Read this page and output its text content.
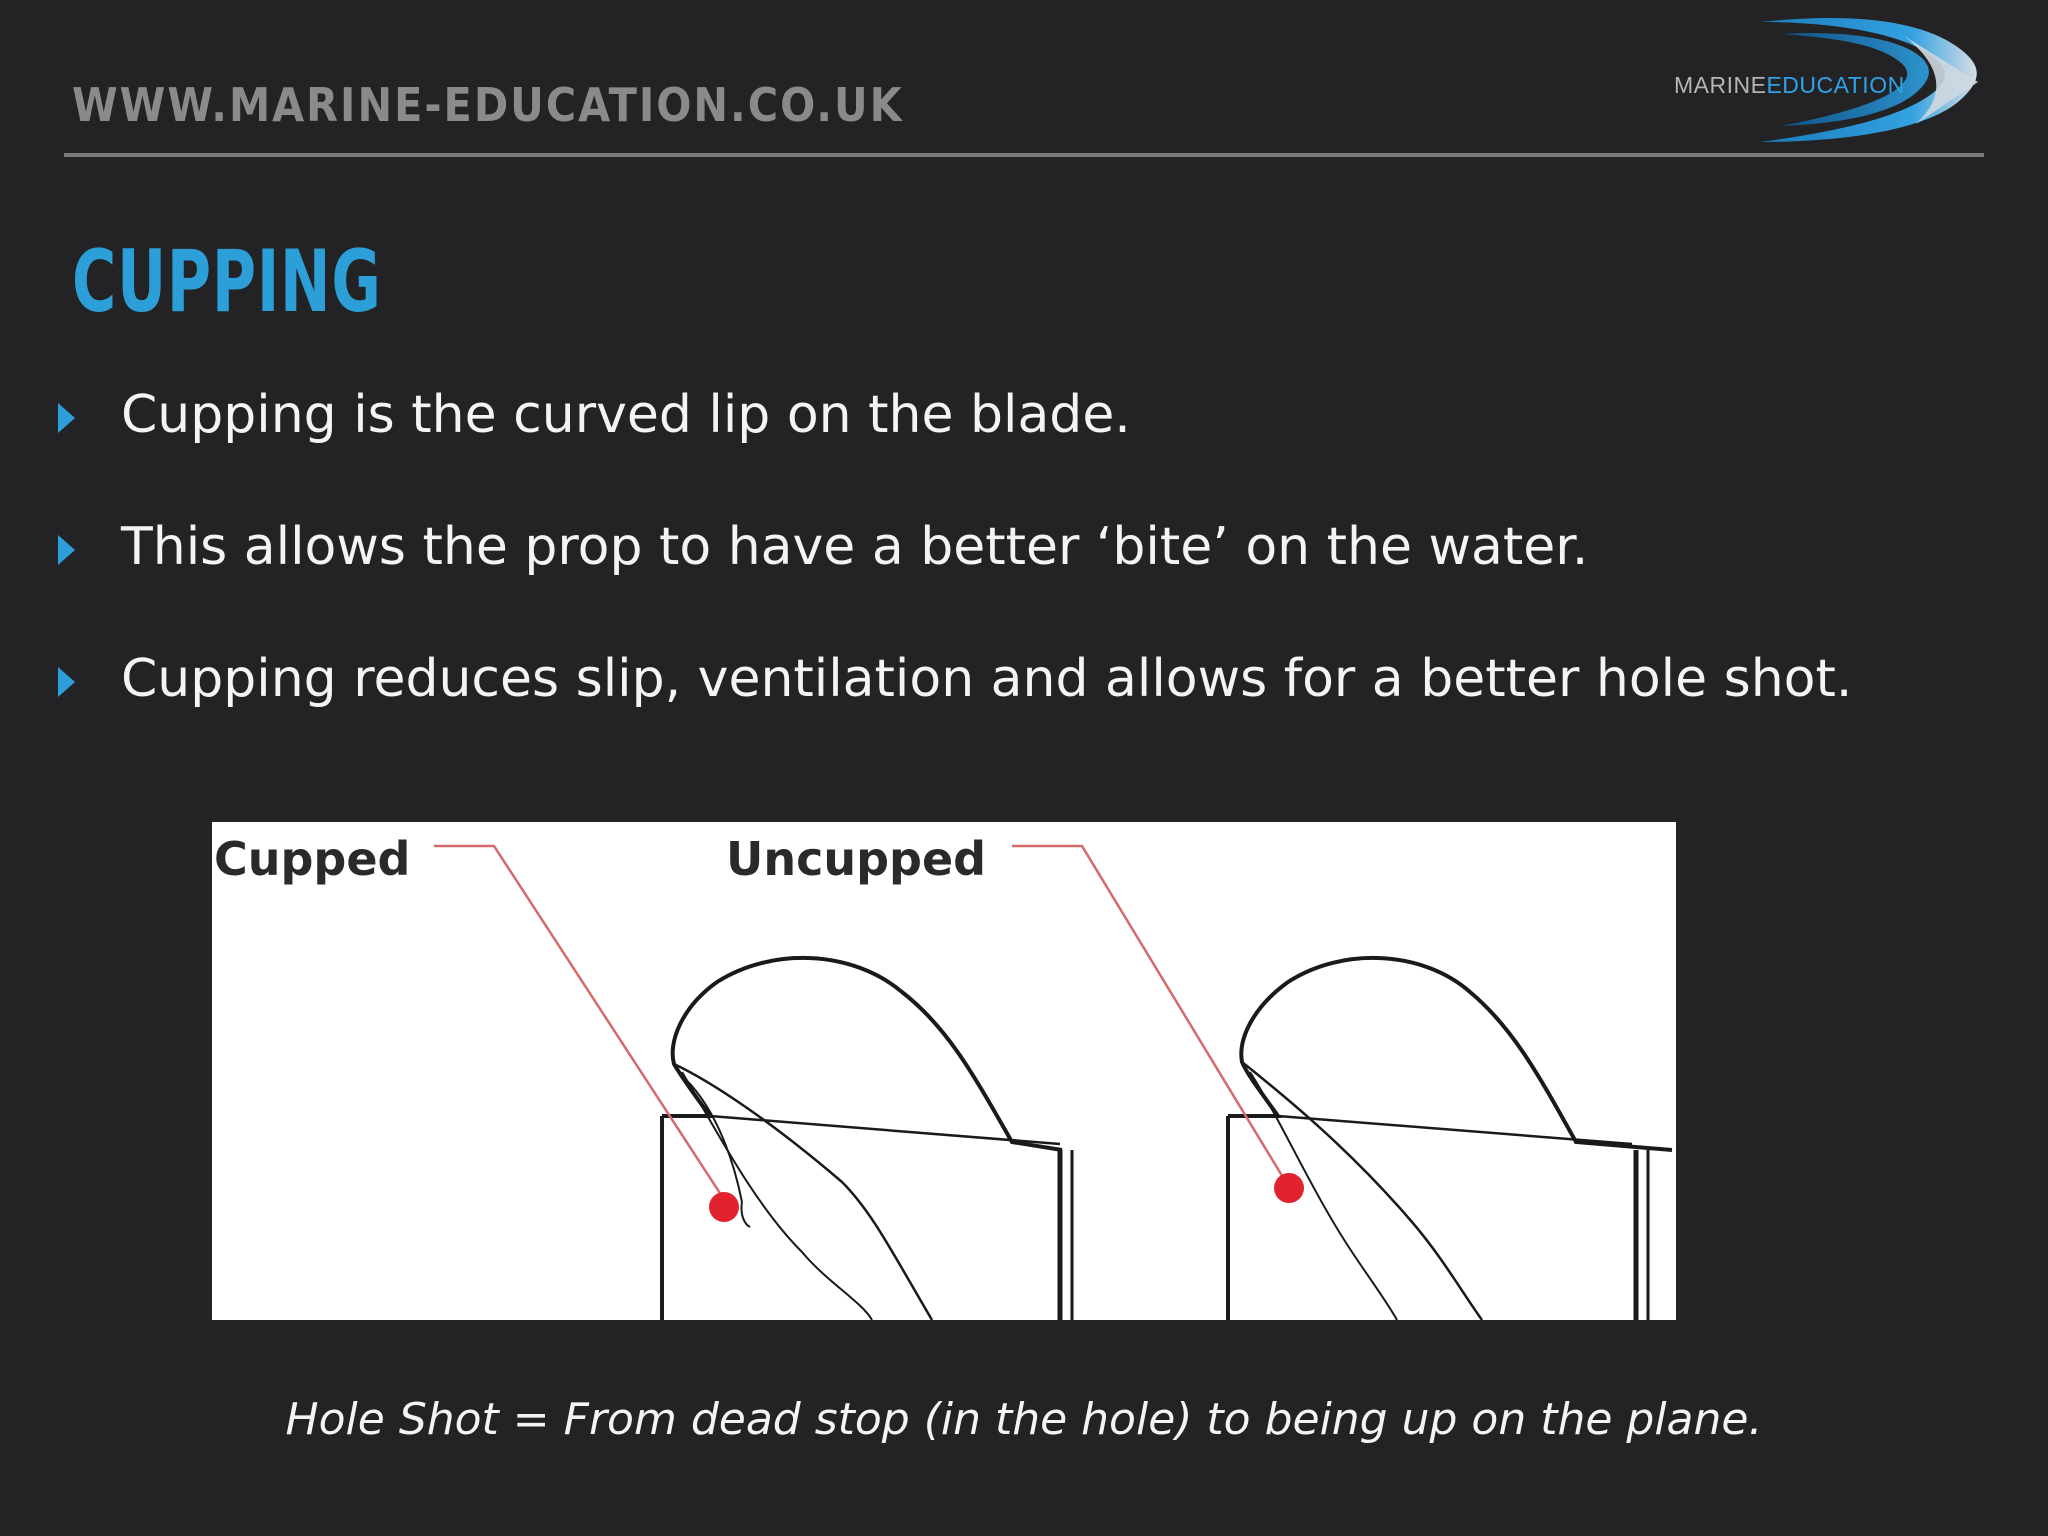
WWW.MARINE-EDUCATION.CO.UK	MARINEEDUCATION
CUPPING
Cupping is the curved lip on the blade.
This allows the prop to have a better ‘bite’ on the water.
Cupping reduces slip, ventilation and allows for a better hole shot.
Cupped	Uncupped
Hole Shot = From dead stop (in the hole) to being up on the plane.
